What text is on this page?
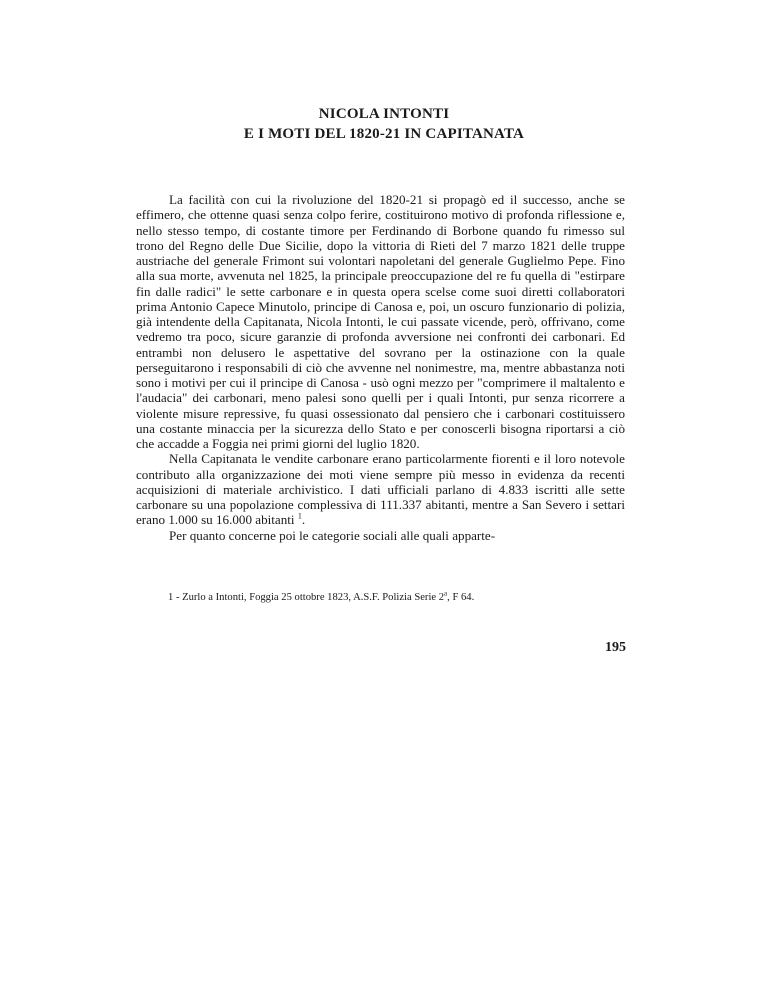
NICOLA INTONTI
E I MOTI DEL 1820-21 IN CAPITANATA

La facilità con cui la rivoluzione del 1820-21 si propagò ed il successo, anche se effimero, che ottenne quasi senza colpo ferire, costituirono motivo di profonda riflessione e, nello stesso tempo, di costante timore per Ferdinando di Borbone quando fu rimesso sul trono del Regno delle Due Sicilie, dopo la vittoria di Rieti del 7 marzo 1821 delle truppe austriache del generale Frimont sui volontari napoletani del generale Guglielmo Pepe. Fino alla sua morte, avvenuta nel 1825, la principale preoccupazione del re fu quella di "estirpare fin dalle radici" le sette carbonare e in questa opera scelse come suoi diretti collaboratori prima Antonio Capece Minutolo, principe di Canosa e, poi, un oscuro funzionario di polizia, già intendente della Capitanata, Nicola Intonti, le cui passate vicende, però, offrivano, come vedremo tra poco, sicure garanzie di profonda avversione nei confronti dei carbonari. Ed entrambi non delusero le aspettative del sovrano per la ostinazione con la quale perseguitarono i responsabili di ciò che avvenne nel nonimestre, ma, mentre abbastanza noti sono i motivi per cui il principe di Canosa - usò ogni mezzo per "comprimere il maltalento e l'audacia" dei carbonari, meno palesi sono quelli per i quali Intonti, pur senza ricorrere a violente misure repressive, fu quasi ossessionato dal pensiero che i carbonari costituissero una costante minaccia per la sicurezza dello Stato e per conoscerli bisogna riportarsi a ciò che accadde a Foggia nei primi giorni del luglio 1820.

Nella Capitanata le vendite carbonare erano particolarmente fiorenti e il loro notevole contributo alla organizzazione dei moti viene sempre più messo in evidenza da recenti acquisizioni di materiale archivistico. I dati ufficiali parlano di 4.833 iscritti alle sette carbonare su una popolazione complessiva di 111.337 abitanti, mentre a San Severo i settari erano 1.000 su 16.000 abitanti $^1$.

Per quanto concerne poi le categorie sociali alle quali apparte-

1 - Zurlo a Intonti, Foggia 25 ottobre 1823, A.S.F. Polizia Serie 2$^a$, F 64.
195
